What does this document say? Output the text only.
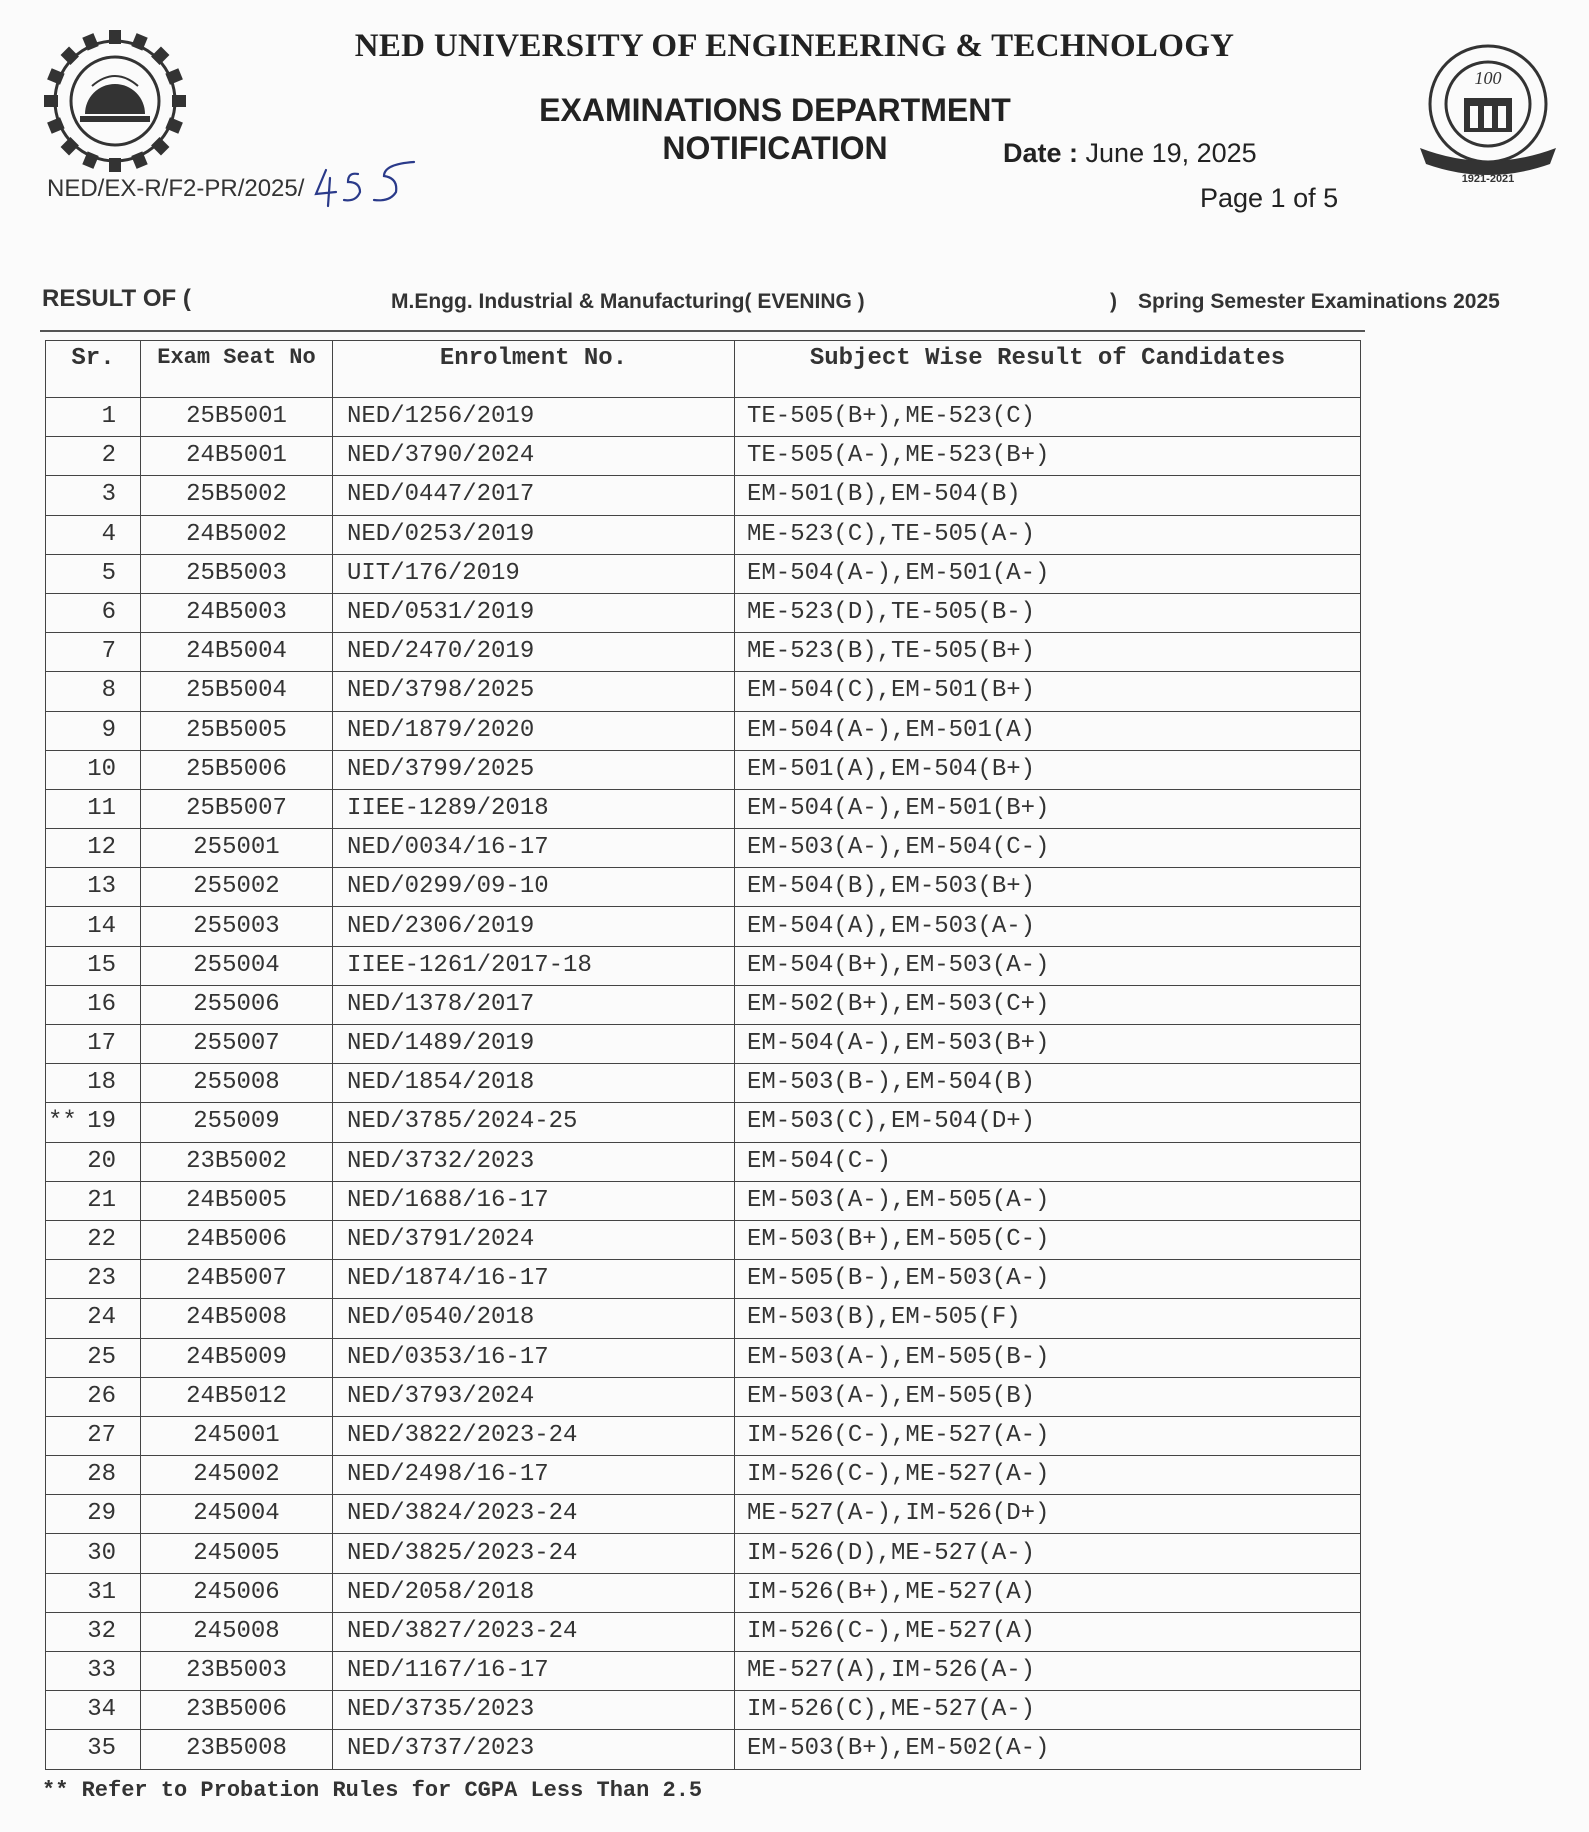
100
1921-2021
NED UNIVERSITY OF ENGINEERING & TECHNOLOGY
EXAMINATIONS DEPARTMENT
NOTIFICATION	Date : June 19, 2025
Page 1 of 5
NED/EX-R/F2-PR/2025/
RESULT OF (	M.Engg. Industrial & Manufacturing( EVENING )	) Spring Semester Examinations 2025
Sr.	Exam Seat No	Enrolment No.	Subject Wise Result of Candidates

1	25B5001	NED/1256/2019	TE-505(B+),ME-523(C)

2	24B5001	NED/3790/2024	TE-505(A-),ME-523(B+)

3	25B5002	NED/0447/2017	EM-501(B),EM-504(B)

4	24B5002	NED/0253/2019	ME-523(C),TE-505(A-)

5	25B5003	UIT/176/2019	EM-504(A-),EM-501(A-)

6	24B5003	NED/0531/2019	ME-523(D),TE-505(B-)

7	24B5004	NED/2470/2019	ME-523(B),TE-505(B+)

8	25B5004	NED/3798/2025	EM-504(C),EM-501(B+)

9	25B5005	NED/1879/2020	EM-504(A-),EM-501(A)

10	25B5006	NED/3799/2025	EM-501(A),EM-504(B+)

11	25B5007	IIEE-1289/2018	EM-504(A-),EM-501(B+)

12	255001	NED/0034/16-17	EM-503(A-),EM-504(C-)

13	255002	NED/0299/09-10	EM-504(B),EM-503(B+)

14	255003	NED/2306/2019	EM-504(A),EM-503(A-)

15	255004	IIEE-1261/2017-18	EM-504(B+),EM-503(A-)

16	255006	NED/1378/2017	EM-502(B+),EM-503(C+)

17	255007	NED/1489/2019	EM-504(A-),EM-503(B+)

18	255008	NED/1854/2018	EM-503(B-),EM-504(B)

** 19	255009	NED/3785/2024-25	EM-503(C),EM-504(D+)

20	23B5002	NED/3732/2023	EM-504(C-)

21	24B5005	NED/1688/16-17	EM-503(A-),EM-505(A-)

22	24B5006	NED/3791/2024	EM-503(B+),EM-505(C-)

23	24B5007	NED/1874/16-17	EM-505(B-),EM-503(A-)

24	24B5008	NED/0540/2018	EM-503(B),EM-505(F)

25	24B5009	NED/0353/16-17	EM-503(A-),EM-505(B-)

26	24B5012	NED/3793/2024	EM-503(A-),EM-505(B)

27	245001	NED/3822/2023-24	IM-526(C-),ME-527(A-)

28	245002	NED/2498/16-17	IM-526(C-),ME-527(A-)

29	245004	NED/3824/2023-24	ME-527(A-),IM-526(D+)

30	245005	NED/3825/2023-24	IM-526(D),ME-527(A-)

31	245006	NED/2058/2018	IM-526(B+),ME-527(A)

32	245008	NED/3827/2023-24	IM-526(C-),ME-527(A)

33	23B5003	NED/1167/16-17	ME-527(A),IM-526(A-)

34	23B5006	NED/3735/2023	IM-526(C),ME-527(A-)

35	23B5008	NED/3737/2023	EM-503(B+),EM-502(A-)
** Refer to Probation Rules for CGPA Less Than 2.5
